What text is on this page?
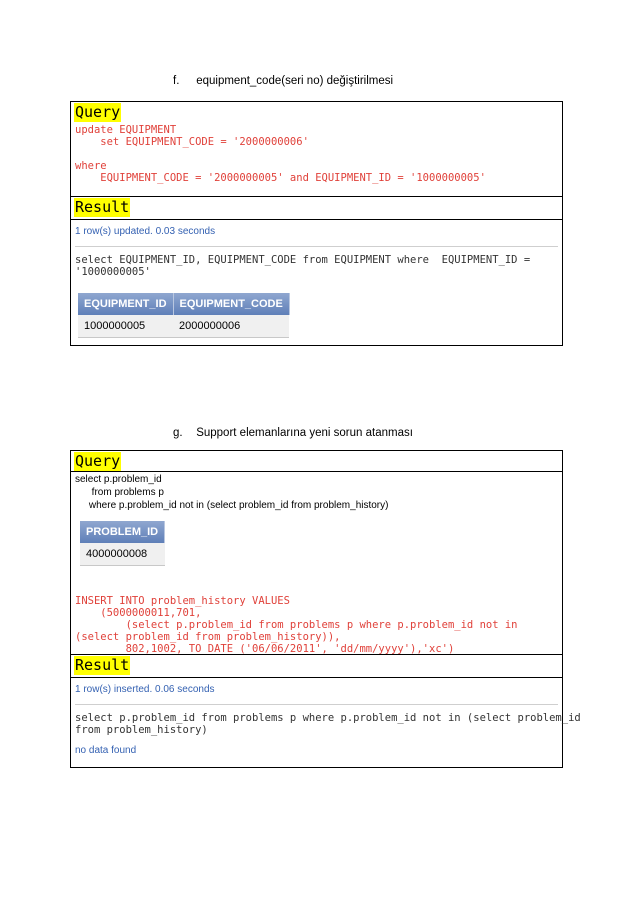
f. equipment_code(seri no) değiştirilmesi
Query
update EQUIPMENT
set EQUIPMENT_CODE = '2000000006'

where
EQUIPMENT_CODE = '2000000005' and EQUIPMENT_ID = '1000000005'
Result
1 row(s) updated. 0.03 seconds
select EQUIPMENT_ID, EQUIPMENT_CODE from EQUIPMENT where  EQUIPMENT_ID =
'1000000005'
EQUIPMENT_ID	EQUIPMENT_CODE
1000000005	2000000006
g. Support elemanlarına yeni sorun atanması
Query
select p.problem_id
from problems p
where p.problem_id not in (select problem_id from problem_history)
PROBLEM_ID
4000000008
INSERT INTO problem_history VALUES
(5000000011,701,
(select p.problem_id from problems p where p.problem_id not in
(select problem_id from problem_history)),
802,1002, TO_DATE ('06/06/2011', 'dd/mm/yyyy'),'xc')
Result
1 row(s) inserted. 0.06 seconds
select p.problem_id from problems p where p.problem_id not in (select problem_id
from problem_history)
no data found
